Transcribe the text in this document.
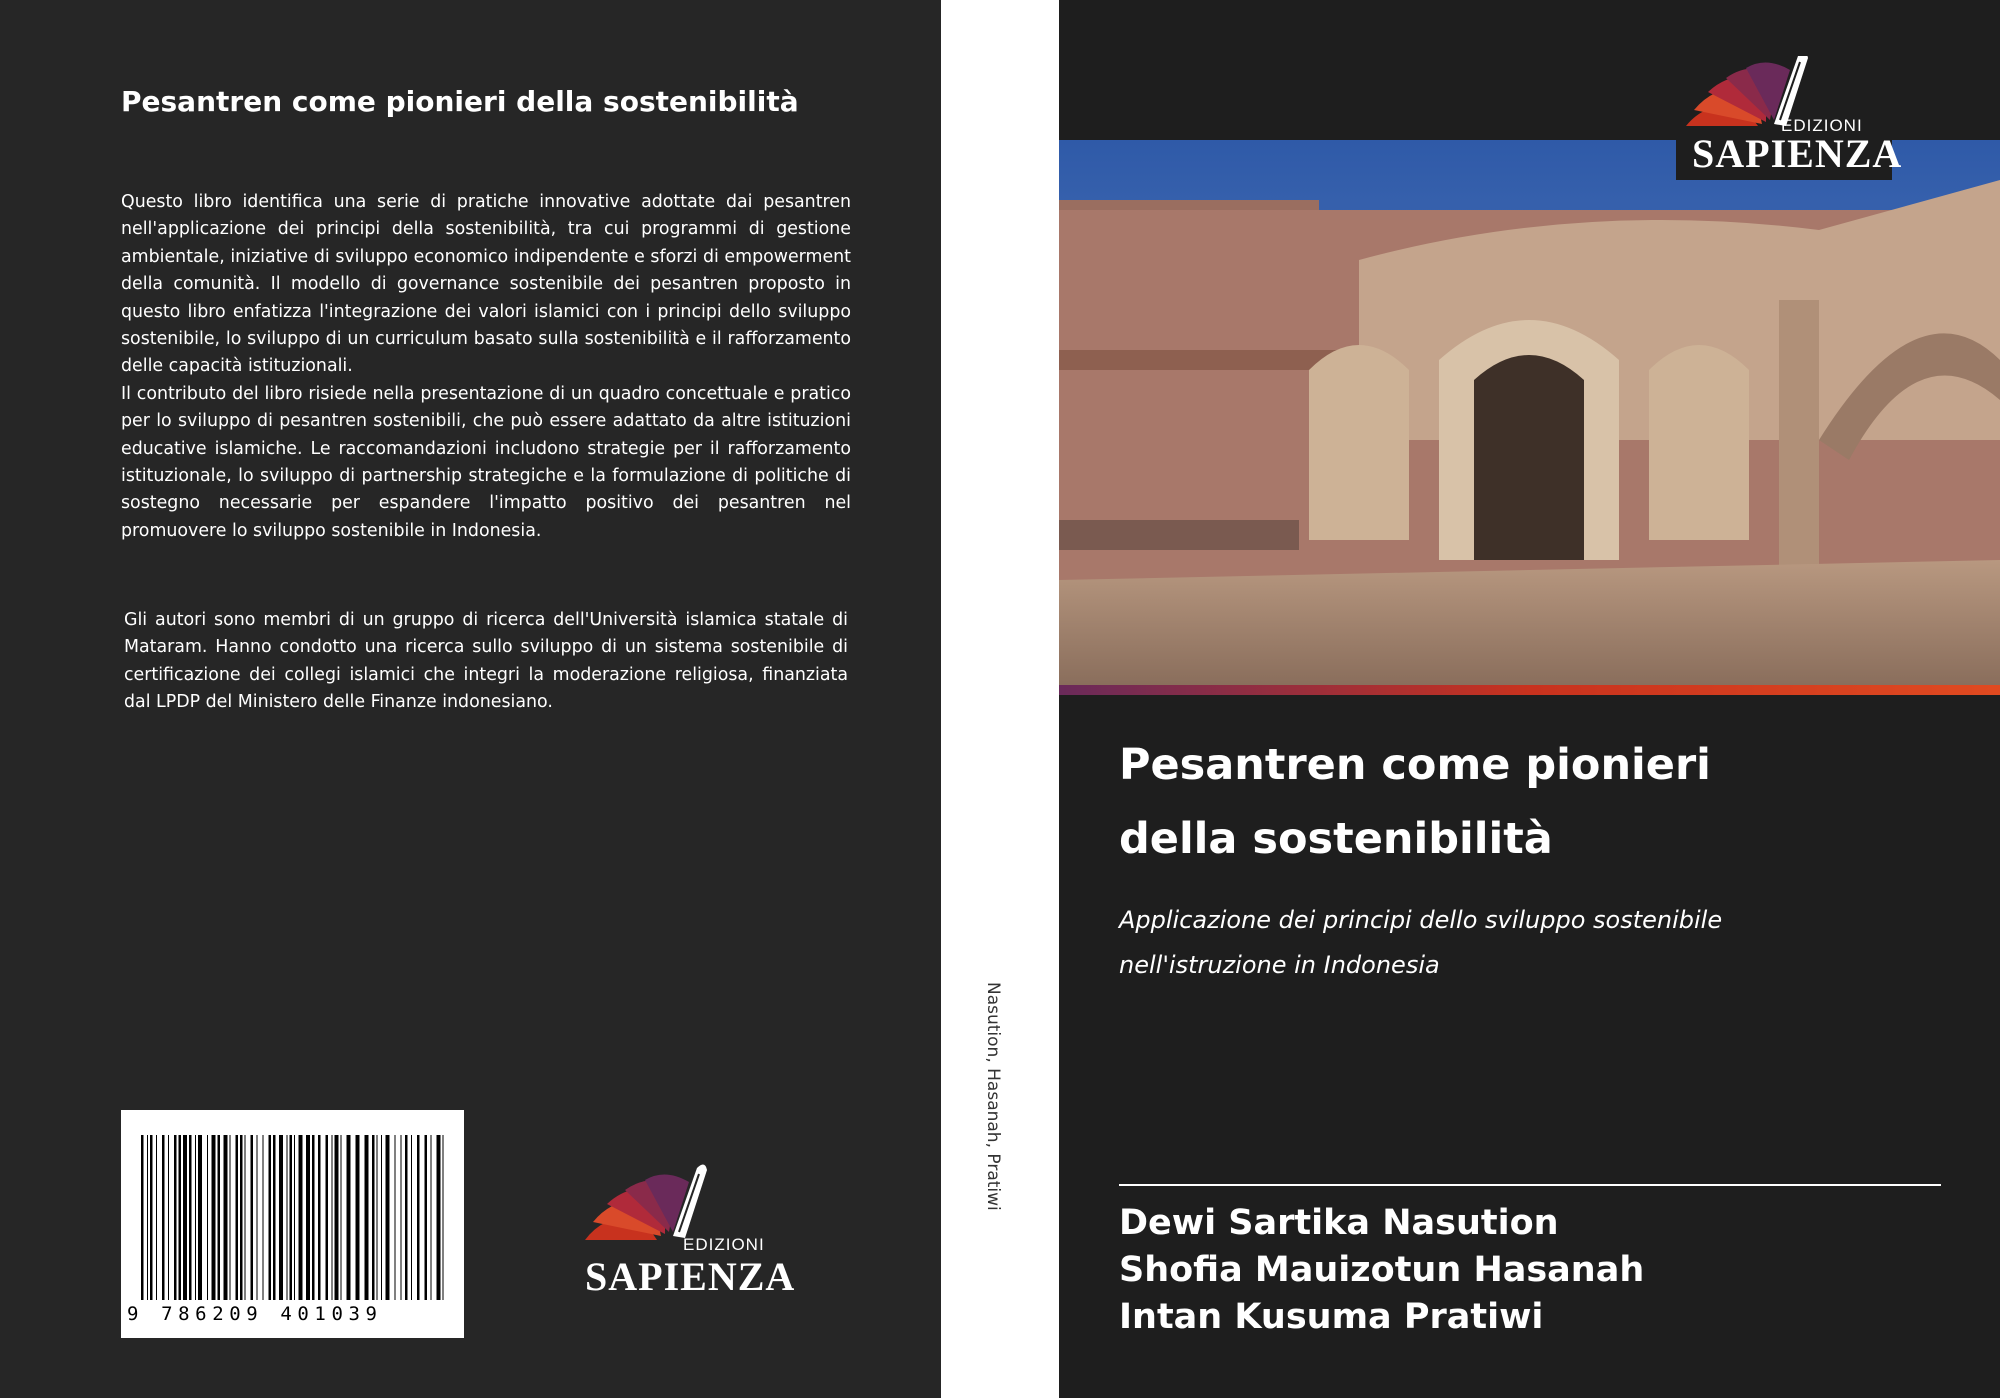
Pesantren come pionieri della sostenibilità

Questo libro identifica una serie di pratiche innovative adottate dai pesantren nell'applicazione dei principi della sostenibilità, tra cui programmi di gestione ambientale, iniziative di sviluppo economico indipendente e sforzi di empowerment della comunità. Il modello di governance sostenibile dei pesantren proposto in questo libro enfatizza l'integrazione dei valori islamici con i principi dello sviluppo sostenibile, lo sviluppo di un curriculum basato sulla sostenibilità e il rafforzamento delle capacità istituzionali.

Il contributo del libro risiede nella presentazione di un quadro concettuale e pratico per lo sviluppo di pesantren sostenibili, che può essere adattato da altre istituzioni educative islamiche. Le raccomandazioni includono strategie per il rafforzamento istituzionale, lo sviluppo di partnership strategiche e la formulazione di politiche di sostegno necessarie per espandere l'impatto positivo dei pesantren nel promuovere lo sviluppo sostenibile in Indonesia.

Gli autori sono membri di un gruppo di ricerca dell'Università islamica statale di Mataram. Hanno condotto una ricerca sullo sviluppo di un sistema sostenibile di certificazione dei collegi islamici che integri la moderazione religiosa, finanziata dal LPDP del Ministero delle Finanze indonesiano.

9 786209 401039
EDIZIONI
SAPIENZA
Nasution, Hasanah, Pratiwi
EDIZIONI
SAPIENZA
Pesantren come pionieri
della sostenibilità

Applicazione dei principi dello sviluppo sostenibile
nell'istruzione in Indonesia

Dewi Sartika Nasution
Shofia Mauizotun Hasanah
Intan Kusuma Pratiwi
